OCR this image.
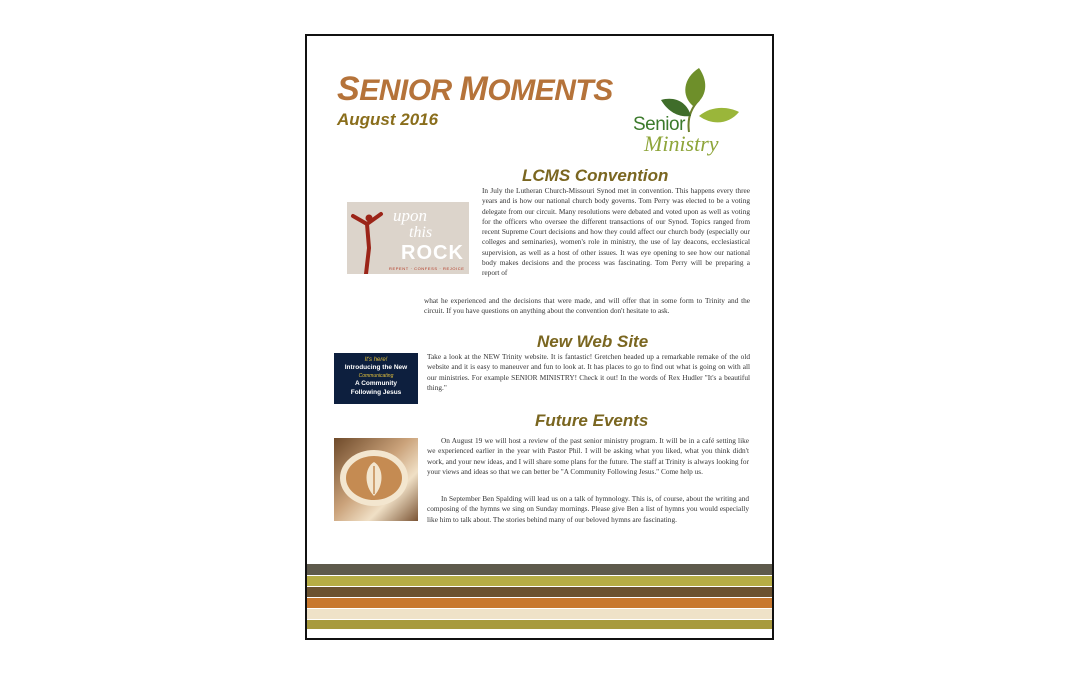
SENIOR MOMENTS
August 2016	Senior
Ministry
LCMS Convention
upon
this
ROCK
REPENT · CONFESS · REJOICE
In July the Lutheran Church-Missouri Synod met in convention. This happens every three years and is how our national church body governs. Tom Perry was elected to be a voting delegate from our circuit. Many resolutions were debated and voted upon as well as voting for the officers who oversee the different transactions of our Synod. Topics ranged from recent Supreme Court decisions and how they could affect our church body (especially our colleges and seminaries), women's role in ministry, the use of lay deacons, ecclesiastical supervision, as well as a host of other issues. It was eye opening to see how our national body makes decisions and the process was fascinating. Tom Perry will be preparing a report of
what he experienced and the decisions that were made, and will offer that in some form to Trinity and the circuit. If you have questions on anything about the convention don't hesitate to ask.
New Web Site
It's here!
Introducing the New
Communicating
A Community
Following Jesus
Take a look at the NEW Trinity website. It is fantastic! Gretchen headed up a remarkable remake of the old website and it is easy to maneuver and fun to look at. It has places to go to find out what is going on with all our ministries. For example SENIOR MINISTRY! Check it out! In the words of Rex Hudler "It's a beautiful thing."
Future Events
On August 19 we will host a review of the past senior ministry program. It will be in a café setting like we experienced earlier in the year with Pastor Phil. I will be asking what you liked, what you think didn't work, and your new ideas, and I will share some plans for the future. The staff at Trinity is always looking for your views and ideas so that we can better be "A Community Following Jesus." Come help us.
In September Ben Spalding will lead us on a talk of hymnology. This is, of course, about the writing and composing of the hymns we sing on Sunday mornings. Please give Ben a list of hymns you would especially like him to talk about. The stories behind many of our beloved hymns are fascinating.
